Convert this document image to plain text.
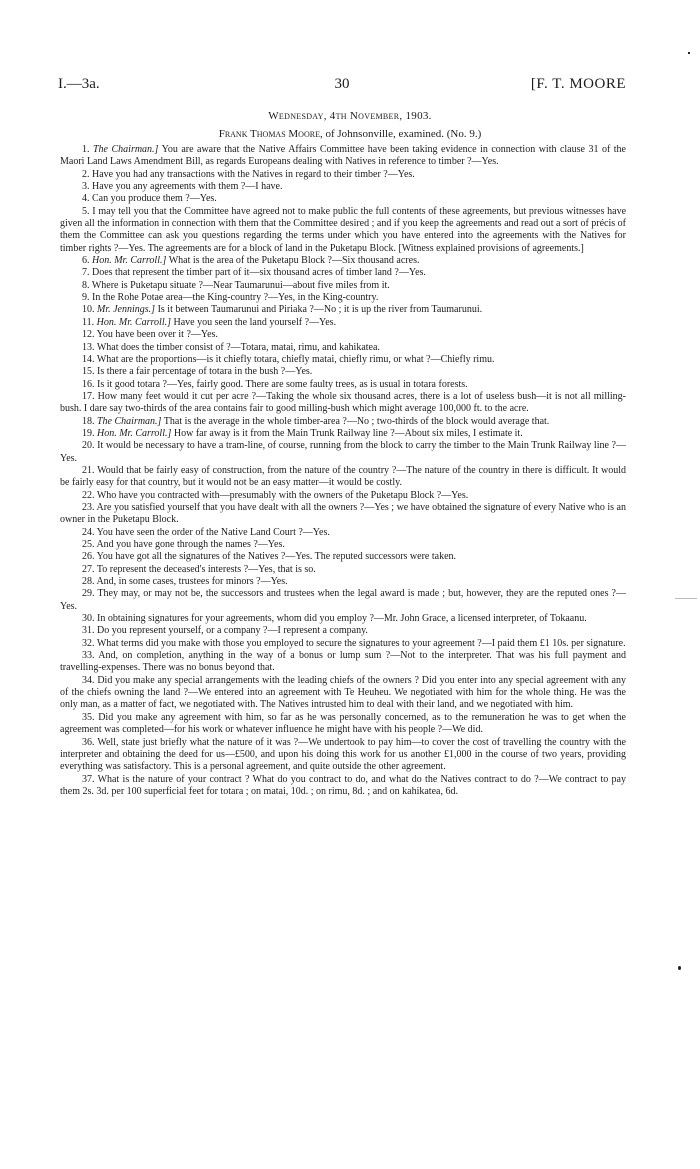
I.—3a.	30	[F. T. MOORE
Wednesday, 4th November, 1903.
Frank Thomas Moore, of Johnsonville, examined. (No. 9.)

1. The Chairman.] You are aware that the Native Affairs Committee have been taking evidence in connection with clause 31 of the Maori Land Laws Amendment Bill, as regards Europeans dealing with Natives in reference to timber ?—Yes.

2. Have you had any transactions with the Natives in regard to their timber ?—Yes.

3. Have you any agreements with them ?—I have.

4. Can you produce them ?—Yes.

5. I may tell you that the Committee have agreed not to make public the full contents of these agreements, but previous witnesses have given all the information in connection with them that the Committee desired ; and if you keep the agreements and read out a sort of précis of them the Committee can ask you questions regarding the terms under which you have entered into the agreements with the Natives for timber rights ?—Yes. The agreements are for a block of land in the Puketapu Block. [Witness explained provisions of agreements.]

6. Hon. Mr. Carroll.] What is the area of the Puketapu Block ?—Six thousand acres.

7. Does that represent the timber part of it—six thousand acres of timber land ?—Yes.

8. Where is Puketapu situate ?—Near Taumarunui—about five miles from it.

9. In the Rohe Potae area—the King-country ?—Yes, in the King-country.

10. Mr. Jennings.] Is it between Taumarunui and Piriaka ?—No ; it is up the river from Taumarunui.

11. Hon. Mr. Carroll.] Have you seen the land yourself ?—Yes.

12. You have been over it ?—Yes.

13. What does the timber consist of ?—Totara, matai, rimu, and kahikatea.

14. What are the proportions—is it chiefly totara, chiefly matai, chiefly rimu, or what ?—Chiefly rimu.

15. Is there a fair percentage of totara in the bush ?—Yes.

16. Is it good totara ?—Yes, fairly good. There are some faulty trees, as is usual in totara forests.

17. How many feet would it cut per acre ?—Taking the whole six thousand acres, there is a lot of useless bush—it is not all milling-bush. I dare say two-thirds of the area contains fair to good milling-bush which might average 100,000 ft. to the acre.

18. The Chairman.] That is the average in the whole timber-area ?—No ; two-thirds of the block would average that.

19. Hon. Mr. Carroll.] How far away is it from the Main Trunk Railway line ?—About six miles, I estimate it.

20. It would be necessary to have a tram-line, of course, running from the block to carry the timber to the Main Trunk Railway line ?—Yes.

21. Would that be fairly easy of construction, from the nature of the country ?—The nature of the country in there is difficult. It would be fairly easy for that country, but it would not be an easy matter—it would be costly.

22. Who have you contracted with—presumably with the owners of the Puketapu Block ?—Yes.

23. Are you satisfied yourself that you have dealt with all the owners ?—Yes ; we have obtained the signature of every Native who is an owner in the Puketapu Block.

24. You have seen the order of the Native Land Court ?—Yes.

25. And you have gone through the names ?—Yes.

26. You have got all the signatures of the Natives ?—Yes. The reputed successors were taken.

27. To represent the deceased's interests ?—Yes, that is so.

28. And, in some cases, trustees for minors ?—Yes.

29. They may, or may not be, the successors and trustees when the legal award is made ; but, however, they are the reputed ones ?—Yes.

30. In obtaining signatures for your agreements, whom did you employ ?—Mr. John Grace, a licensed interpreter, of Tokaanu.

31. Do you represent yourself, or a company ?—I represent a company.

32. What terms did you make with those you employed to secure the signatures to your agreement ?—I paid them £1 10s. per signature.

33. And, on completion, anything in the way of a bonus or lump sum ?—Not to the interpreter. That was his full payment and travelling-expenses. There was no bonus beyond that.

34. Did you make any special arrangements with the leading chiefs of the owners ? Did you enter into any special agreement with any of the chiefs owning the land ?—We entered into an agreement with Te Heuheu. We negotiated with him for the whole thing. He was the only man, as a matter of fact, we negotiated with. The Natives intrusted him to deal with their land, and we negotiated with him.

35. Did you make any agreement with him, so far as he was personally concerned, as to the remuneration he was to get when the agreement was completed—for his work or whatever influence he might have with his people ?—We did.

36. Well, state just briefly what the nature of it was ?—We undertook to pay him—to cover the cost of travelling the country with the interpreter and obtaining the deed for us—£500, and upon his doing this work for us another £1,000 in the course of two years, providing everything was satisfactory. This is a personal agreement, and quite outside the other agreement.

37. What is the nature of your contract ? What do you contract to do, and what do the Natives contract to do ?—We contract to pay them 2s. 3d. per 100 superficial feet for totara ; on matai, 10d. ; on rimu, 8d. ; and on kahikatea, 6d.
